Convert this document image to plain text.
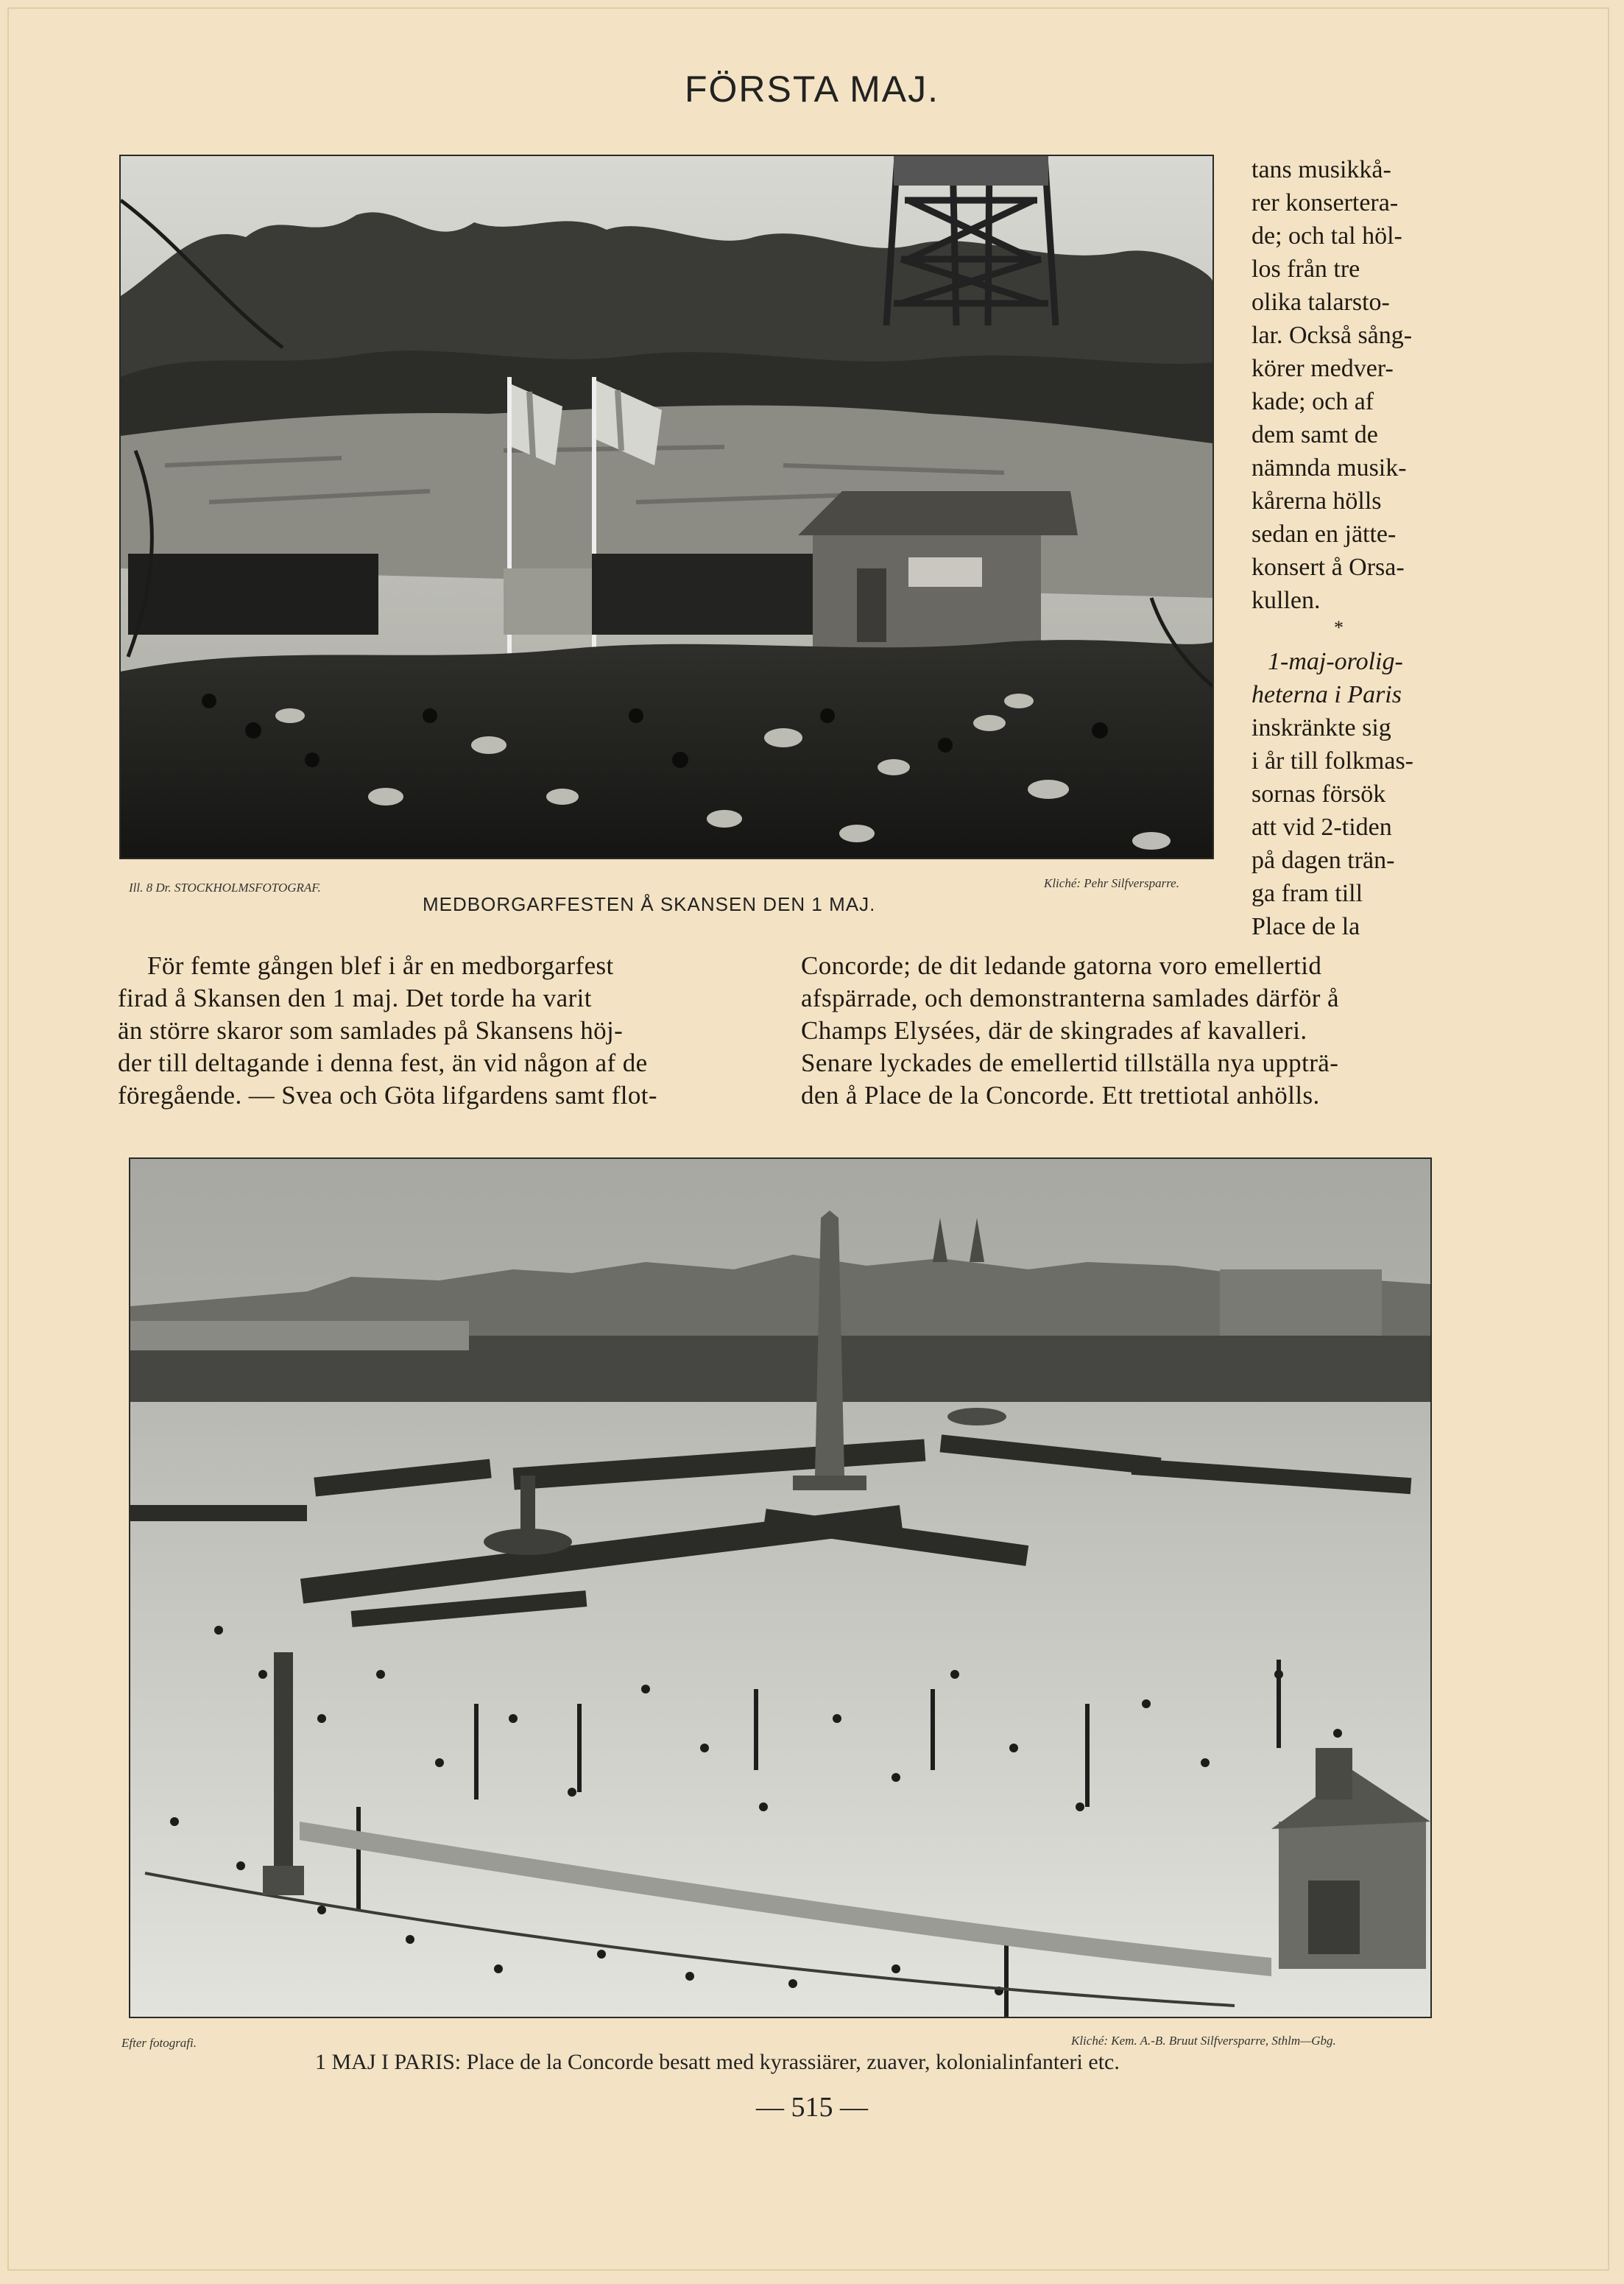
FÖRSTA MAJ.
Ill. 8 Dr. STOCKHOLMSFOTOGRAF.	Kliché: Pehr Silfversparre.
MEDBORGARFESTEN Å SKANSEN DEN 1 MAJ.
tans musikkå-
rer konsertera-
de; och tal höl-
los från tre
olika talarsto-
lar. Också sång-
körer medver-
kade; och af
dem samt de
nämnda musik-
kårerna hölls
sedan en jätte-
konsert å Orsa-
kullen.
*
1-maj-orolig-
heterna i Paris
inskränkte sig
i år till folkmas-
sornas försök
att vid 2-tiden
på dagen trän-
ga fram till
Place de la
För femte gången blef i år en medborgarfest
firad å Skansen den 1 maj. Det torde ha varit
än större skaror som samlades på Skansens höj-
der till deltagande i denna fest, än vid någon af de
föregående. — Svea och Göta lifgardens samt flot-
Concorde; de dit ledande gatorna voro emellertid
afspärrade, och demonstranterna samlades därför å
Champs Elysées, där de skingrades af kavalleri.
Senare lyckades de emellertid tillställa nya uppträ-
den å Place de la Concorde. Ett trettiotal anhölls.
Efter fotografi.	Kliché: Kem. A.-B. Bruut Silfversparre, Sthlm—Gbg.
1 MAJ I PARIS: Place de la Concorde besatt med kyrassiärer, zuaver, kolonialinfanteri etc.
— 515 —
